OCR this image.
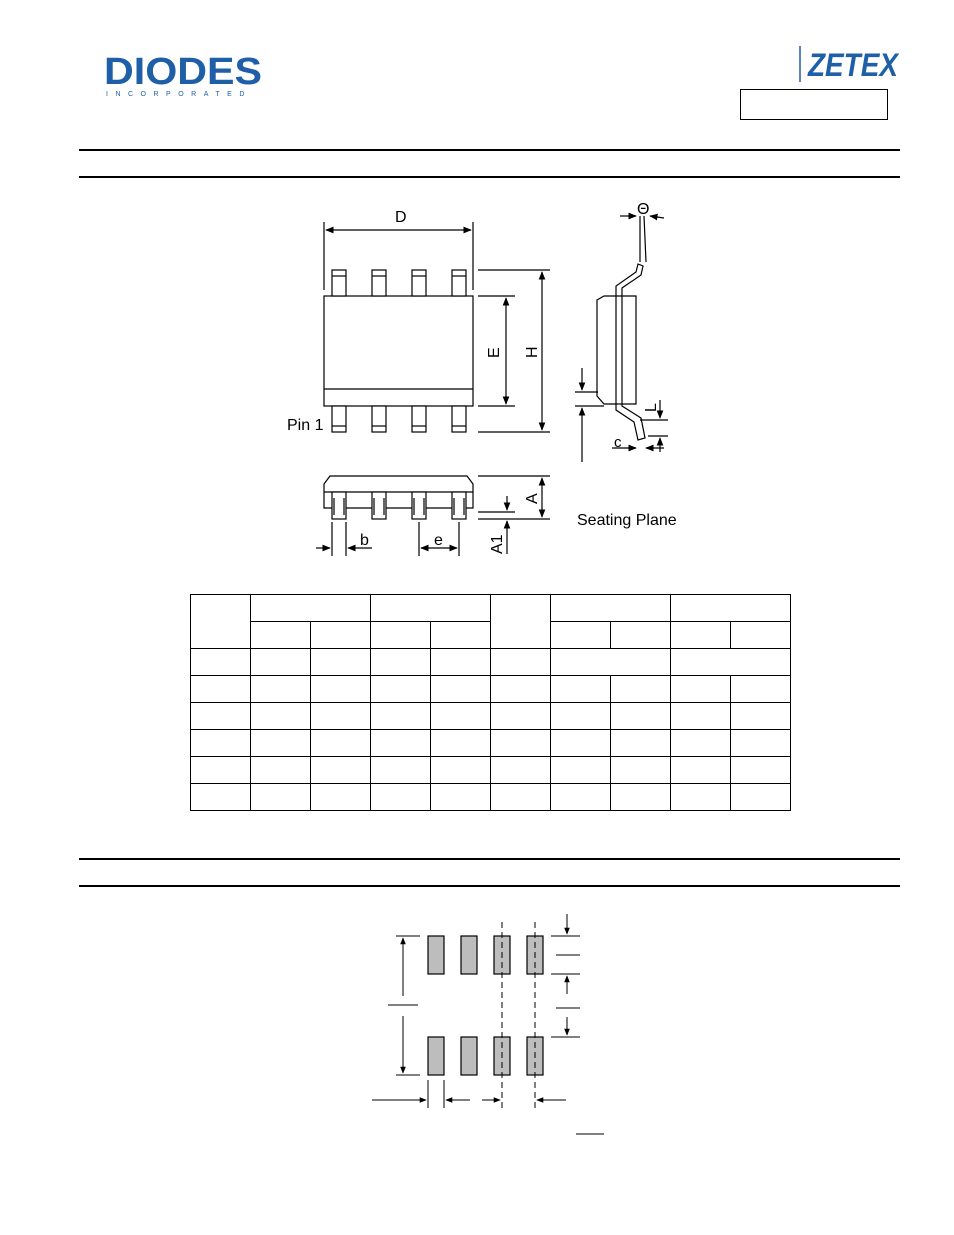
DIODES
INCORPORATED
ZETEX
D
E H
Θ
L
c
Pin 1
A
A1
b	e
Seating Plane
